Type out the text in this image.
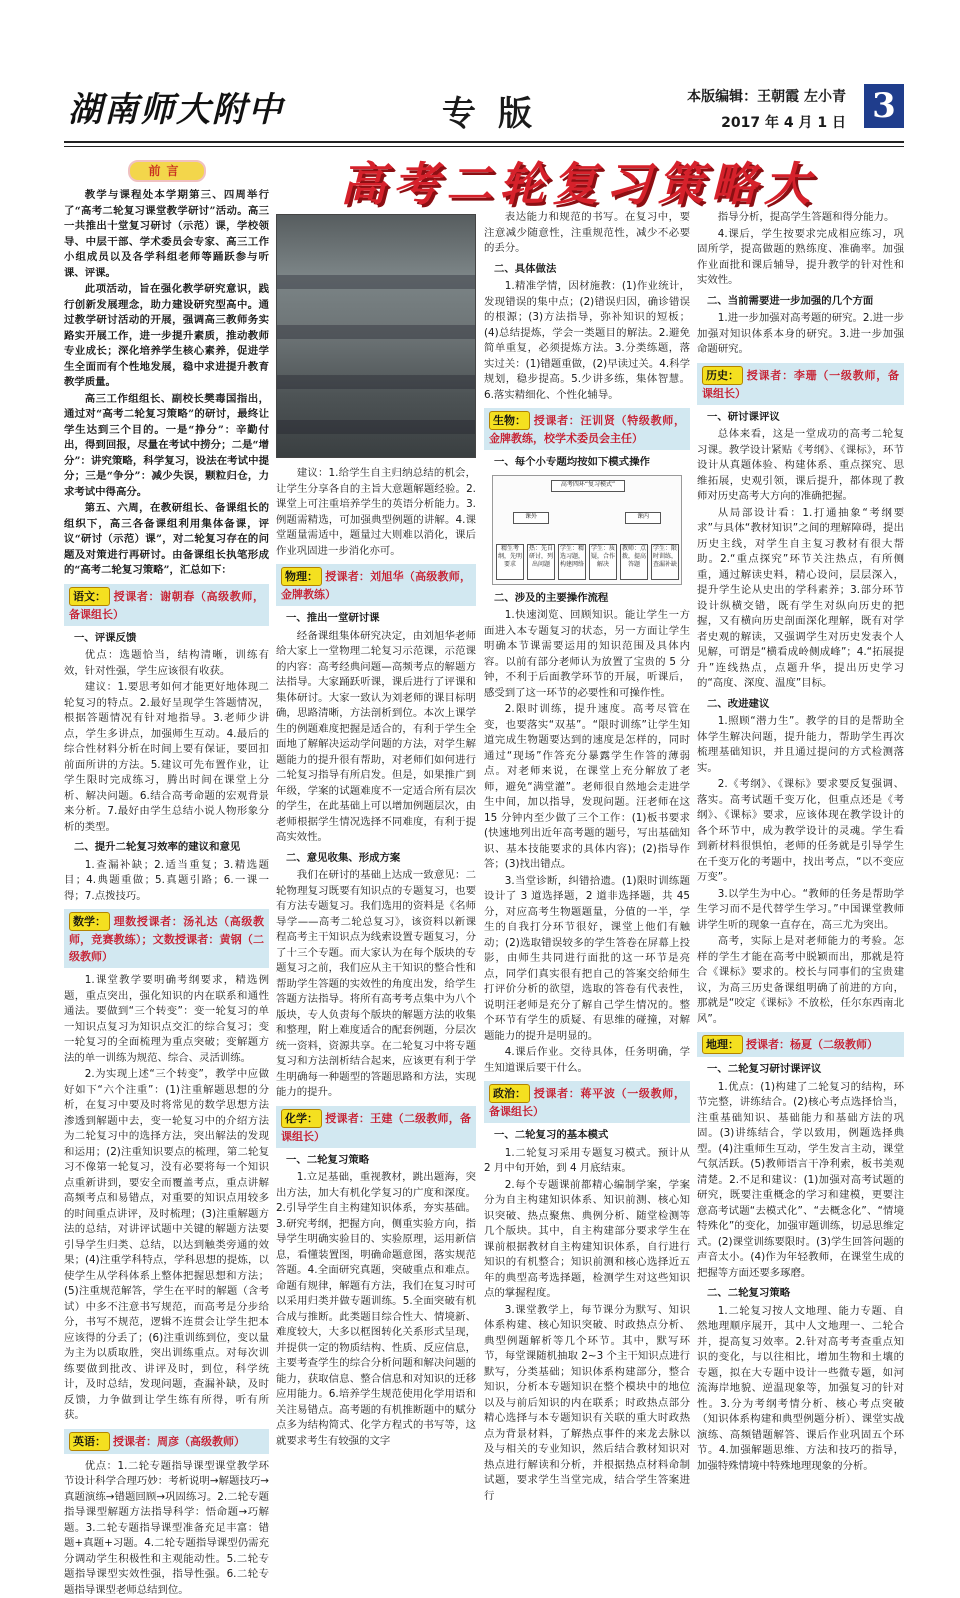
湖南师大附中	专版	本版编辑：王朝霞 左小青
2017 年 4 月 1 日 3
高考二轮复习策略大
前言

教学与课程处本学期第三、四周举行了“高考二轮复习课堂教学研讨”活动。高三一共推出十堂复习研讨（示范）课，学校领导、中层干部、学术委员会专家、高三工作小组成员以及各学科组老师等踊跃参与听课、评课。

此项活动，旨在强化教学研究意识，践行创新发展理念，助力建设研究型高中。通过教学研讨活动的开展，强调高三教师务实路实开展工作，进一步提升素质，推动教师专业成长；深化培养学生核心素养，促进学生全面而有个性地发展，稳中求进提升教育教学质量。

高三工作组组长、副校长樊毒国指出，通过对“高考二轮复习策略”的研讨，最终让学生达到三个目的。一是“挣分”：辛勤付出，得到回报，尽量在考试中捞分；二是“增分”：讲究策略，科学复习，设法在考试中提分；三是“争分”：减少失误，颗粒归仓，力求考试中得高分。

第五、六周，在教研组长、备课组长的组织下，高三各备课组利用集体备课，评议“研讨（示范）课”，对二轮复习存在的问题及对策进行再研讨。由备课组长执笔形成的“高考二轮复习策略”，汇总如下：

语文： 授课者：谢朝春（高级教师，备课组长）
一、评课反馈

优点：选题恰当，结构清晰，训练有效，针对性强，学生应该很有收获。

建议：1.要思考如何才能更好地体现二轮复习的特点。2.最好呈现学生答题情况，根据答题情况有针对地指导。3.老师少讲点，学生多讲点，加强师生互动。4.最后的综合性材料分析在时间上要有保证，要回扣前面所讲的方法。5.建议可先布置作业，让学生限时完成练习，腾出时间在课堂上分析、解决问题。6.结合高考命题的宏观背景来分析。7.最好由学生总结小说人物形象分析的类型。

二、提升二轮复习效率的建议和意见

1.查漏补缺；2.适当重复；3.精选题目；4.典题重做；5.真题引路；6.一课一得；7.点拨技巧。

数学： 理数授课者：汤礼达（高级教师，竞赛教练）；文数授课者：黄钢（二级教师）

1.课堂教学要明确考纲要求，精选例题，重点突出，强化知识的内在联系和通性通法。要做到“三个转变”：变一轮复习的单一知识点复习为知识点交汇的综合复习；变一轮复习的全面梳理为重点突破；变解题方法的单一训练为规范、综合、灵活训练。

2.为实现上述“三个转变”，教学中应做好如下“六个注重”：(1)注重解题思想的分析，在复习中要及时将常见的数学思想方法渗透到解题中去，变一轮复习中的介绍方法为二轮复习中的选择方法，突出解法的发现和运用；(2)注重知识要点的梳理，第二轮复习不像第一轮复习，没有必要将每一个知识点重新讲到，要安全而覆盖考点，重点讲解高频考点和易错点，对重要的知识点用较多的时间重点讲评，及时梳理；(3)注重解题方法的总结，对讲评试题中关键的解题方法要引导学生归类、总结，以达到触类旁通的效果；(4)注重学科特点，学科思想的提炼，以使学生从学科体系上整体把握思想和方法；(5)注重规范解答，学生在平时的解题（含考试）中多不注意书写规范，而高考是分步给分，书写不规范，逻辑不连贯会让学生把本应该得的分丢了；(6)注重训练到位，变以量为主为以质取胜，突出训练重点。对每次训练要做到批改、讲评及时，到位，科学统计，及时总结，发现问题，查漏补缺，及时反馈，力争做到让学生练有所得，听有所获。

英语： 授课者：周彦（高级教师）

优点：1.二轮专题指导课型课堂教学环节设计科学合理巧妙：考析说明→解题技巧→真题演练→错题回顾→巩固练习。2.二轮专题指导课型解题方法指导科学：悟命题→巧解题。3.二轮专题指导课型准备充足丰富：错题+真题+习题。4.二轮专题指导课型仍需充分调动学生积极性和主观能动性。5.二轮专题指导课型实效性强，指导性强。6.二轮专题指导课型老师总结到位。

建议：1.给学生自主归纳总结的机会，让学生分享各自的主旨大意题解题经验。2.课堂上可注重培养学生的英语分析能力。3.例题需精选，可加强典型例题的讲解。4.课堂题量需适中，题量过大则难以消化，课后作业巩固进一步消化亦可。

物理： 授课者：刘旭华（高级教师，金牌教练）
一、推出一堂研讨课

经备课组集体研究决定，由刘旭华老师给大家上一堂物理二轮复习示范课，示范课的内容：高考经典问题—高频考点的解题方法指导。大家踊跃听课，课后进行了评课和集体研讨。大家一致认为刘老师的课目标明确，思路清晰，方法剖析到位。本次上课学生的例题难度把握是适合的，有利于学生全面地了解解决运动学问题的方法，对学生解题能力的提升很有帮助，对老师们如何进行二轮复习指导有所启发。但是，如果推广到年级，学案的试题难度不一定适合所有层次的学生，在此基础上可以增加例题层次，由老师根据学生情况选择不同难度，有利于提高实效性。

二、意见收集、形成方案

我们在研讨的基础上达成一致意见：二轮物理复习既要有知识点的专题复习，也要有方法专题复习。我们选用的资料是《名师导学——高考二轮总复习》，该资料以新课程高考主干知识点为线索设置专题复习，分了十三个专题。而大家认为在每个版块的专题复习之前，我们应从主干知识的整合性和帮助学生答题的实效性的角度出发，给学生答题方法指导。将所有高考考点集中为八个版块，专人负责每个版块的解题方法的收集和整理，附上难度适合的配套例题，分层次统一资料，资源共享。在二轮复习中将专题复习和方法剖析结合起来，应该更有利于学生明确每一种题型的答题思路和方法，实现能力的提升。

化学： 授课者：王建（二级教师，备课组长）
一、二轮复习策略

1.立足基础，重视教材，跳出题海，突出方法，加大有机化学复习的广度和深度。2.引导学生自主构建知识体系，夯实基础。3.研究考纲，把握方向，侧重实验方向，指导学生明确实验目的、实验原理，运用新信息，看懂装置图，明确命题意图，落实规范答题。4.全面研究真题，突破重点和难点。命题有规律，解题有方法，我们在复习时可以采用归类并做专题训练。5.全面突破有机合成与推断。此类题目综合性大、情境新、难度较大，大多以框图转化关系形式呈现，并提供一定的物质结构、性质、反应信息，主要考查学生的综合分析问题和解决问题的能力，获取信息、整合信息和对知识的迁移应用能力。6.培养学生规范使用化学用语和关注易错点。高考题的有机推断题中的赋分点多为结构简式、化学方程式的书写等，这就要求考生有较强的文字

表达能力和规范的书写。在复习中，要注意减少随意性，注重规范性，减少不必要的丢分。

二、具体做法

1.精准学情，因材施教：(1)作业统计，发现错误的集中点；(2)错误归因，确诊错误的根源；(3)方法指导，弥补知识的短板；(4)总结提炼，学会一类题目的解法。2.避免简单重复，必须提炼方法。3.分类练题，落实过关：(1)错题重做，(2)早读过关。4.科学规划，稳步提高。5.少讲多练，集体智慧。6.落实精细化、个性化辅导。

生物： 授课者：汪训贤（特级教师，金牌教练，校学术委员会主任）
一、每个小专题均按如下模式操作
高考四环“复习模式”
课外	课内
精生考纲，先明要求
热：先自研讨，列出问题
学生：精选习题，构建网络
学生：质疑，合作解决
教师：点拨，提高答题
学生：限时训练，查漏补缺
二、涉及的主要操作流程

1.快速浏览、回顾知识。能让学生一方面进入本专题复习的状态，另一方面让学生明确本节课需要运用的知识范围及具体内容。以前有部分老师认为放置了宝贵的 5 分钟，不利于后面教学环节的开展，听课后，感受到了这一环节的必要性和可操作性。

2.限时训练，提升速度。高考尽管在变，也要落实“双基”。“限时训练”让学生知道完成生物题要达到的速度是怎样的，同时通过“现场”作答充分暴露学生作答的薄弱点。对老师来说，在课堂上充分解放了老师，避免“满堂灌”。老师很自然地会走进学生中间，加以指导，发现问题。汪老师在这 15 分钟内至少做了三个工作：(1)板书要求(快速地列出近年高考题的题号，写出基础知识、基本技能要求的具体内容)；(2)指导作答；(3)找出错点。

3.当堂诊断，纠错拾遗。(1)限时训练题设计了 3 道选择题，2 道非选择题，共 45 分，对应高考生物题题量，分值的一半，学生的自我打分环节很好，课堂上他们有触动；(2)选取错误较多的学生答卷在屏幕上投影，由师生共同进行面批的这一环节是亮点，同学们真实很有把自己的答案交给师生打评价分析的欲望，选取的答卷有代表性，说明汪老师是充分了解自己学生情况的。整个环节有学生的质疑、有思维的碰撞，对解题能力的提升是明显的。

4.课后作业。交待具体，任务明确，学生知道课后要干什么。

政治： 授课者：蒋平波（一级教师，备课组长）
一、二轮复习的基本模式

1.二轮复习采用专题复习模式。预计从 2 月中旬开始，到 4 月底结束。

2.每个专题课前都精心编制学案，学案分为自主构建知识体系、知识前测、核心知识突破、热点聚焦、典例分析、随堂检测等几个版块。其中，自主构建部分要求学生在课前根据教材自主构建知识体系，自行进行知识的有机整合；知识前测和核心选择近五年的典型高考选择题，检测学生对这些知识点的掌握程度。

3.课堂教学上，每节课分为默写、知识体系构建、核心知识突破、时政热点分析、典型例题解析等几个环节。其中，默写环节，每堂课随机抽取 2~3 个主干知识点进行默写，分类基础；知识体系构建部分，整合知识，分析本专题知识在整个模块中的地位以及与前后知识的内在联系；时政热点部分精心选择与本专题知识有关联的重大时政热点为背景材料，了解热点事件的来龙去脉以及与相关的专业知识，然后结合教材知识对热点进行解读和分析，并根据热点材料命制试题，要求学生当堂完成，结合学生答案进行

指导分析，提高学生答题和得分能力。

4.课后，学生按要求完成相应练习，巩固所学，提高做题的熟练度、准确率。加强作业面批和课后辅导，提升教学的针对性和实效性。

二、当前需要进一步加强的几个方面

1.进一步加强对高考题的研究。2.进一步加强对知识体系本身的研究。3.进一步加强命题研究。

历史： 授课者：李珊（一级教师，备课组长）
一、研讨课评议

总体来看，这是一堂成功的高考二轮复习课。教学设计紧贴《考纲》、《课标》，环节设计从真题体验、构建体系、重点探究、思维拓展，史观引领，课后提升，都体现了教师对历史高考大方向的准确把握。

从局部设计看：1.打通抽象“考纲要求”与具体“教材知识”之间的理解障碍，提出历史主线，对学生自主复习教材有很大帮助。2.“重点探究”环节关注热点，有所侧重，通过解读史料，精心设问，层层深入，提升学生论从史出的学科素养；3.部分环节设计纵横交错，既有学生对纵向历史的把握，又有横向历史剖面深化理解，既有对学者史观的解读，又强调学生对历史发表个人见解，可谓是“横看成岭侧成峰”；4.“拓展提升”连线热点，点题升华，提出历史学习的“高度、深度、温度”目标。

二、改进建议

1.照顾“潜力生”。教学的目的是帮助全体学生解决问题，提升能力，帮助学生再次梳理基础知识，并且通过提问的方式检测落实。

2.《考纲》、《课标》要求要反复强调、落实。高考试题千变万化，但重点还是《考纲》、《课标》要求，应该体现在教学设计的各个环节中，成为教学设计的灵魂。学生看到新材料很惧怕，老师的任务就是引导学生在千变万化的考题中，找出考点，“以不变应万变”。

3.以学生为中心。“教师的任务是帮助学生学习而不是代替学生学习。”中国课堂教师讲学生听的现象一直存在，高三尤为突出。

高考，实际上是对老师能力的考验。怎样的学生才能在高考中脱颖而出，那就是符合《课标》要求的。校长与同事们的宝贵建议，为高三历史备课组明确了前进的方向，那就是“咬定《课标》不放松，任尔东西南北风”。

地理： 授课者：杨夏（二级教师）
一、二轮复习研讨课评议

1.优点：(1)构建了二轮复习的结构，环节完整，讲练结合。(2)核心考点选择恰当，注重基础知识、基础能力和基础方法的巩固。(3)讲练结合，学以致用，例题选择典型。(4)注重师生互动，学生发言主动，课堂气氛活跃。(5)教师语言干净利索，板书美观清楚。2.不足和建议：(1)加强对高考试题的研究，既要注重概念的学习和建模，更要注意高考试题“去模式化”、“去概念化”、“情境特殊化”的变化，加强审题训练，切忌思维定式。(2)课堂训练要限时。(3)学生回答问题的声音太小。(4)作为年轻教师，在课堂生成的把握等方面还要多琢磨。

二、二轮复习策略

1.二轮复习按人文地理、能力专题、自然地理顺序展开，其中人文地理一、二轮合并，提高复习效率。2.针对高考考查重点知识的变化，与以往相比，增加生物和土壤的专题，拟在大专题中设计一些微专题，如河流海岸地貌、逆温现象等，加强复习的针对性。3.分为考纲考情分析、核心考点突破（知识体系构建和典型例题分析）、课堂实战演练、高频错题解答、课后作业巩固五个环节。4.加强解题思维、方法和技巧的指导，加强特殊情境中特殊地理现象的分析。
